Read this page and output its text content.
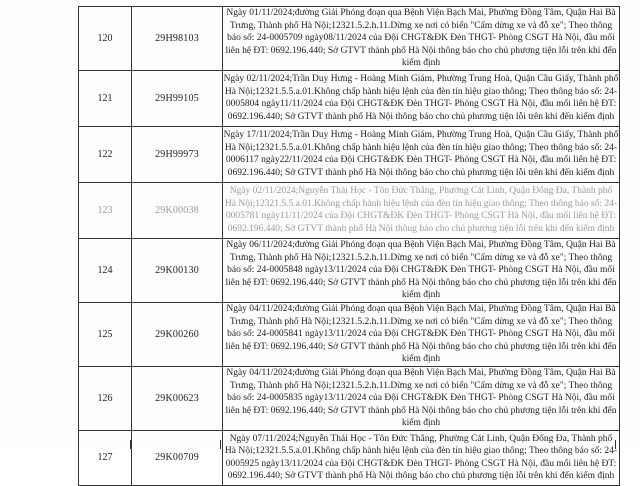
120	29H98103	Ngày 01/11/2024;đường Giải Phóng đoạn qua Bệnh Viện Bạch Mai, Phường Đồng Tâm, Quận Hai Bà Trưng, Thành phố Hà Nội;12321.5.2.h.11.Dừng xe nơi có biển "Cấm dừng xe và đỗ xe"; Theo thông báo số: 24-0005709 ngày08/11/2024 của Đội CHGT&ĐK Đèn THGT- Phòng CSGT Hà Nội, đầu mối liên hệ ĐT: 0692.196.440; Sở GTVT thành phố Hà Nội thông báo cho chủ phương tiện lỗi trên khi đến kiểm định
121	29H99105	Ngày 02/11/2024;Trần Duy Hưng - Hoàng Minh Giám, Phường Trung Hoà, Quận Cầu Giấy, Thành phố Hà Nội;12321.5.5.a.01.Không chấp hành hiệu lệnh của đèn tín hiệu giao thông; Theo thông báo số: 24-0005804 ngày11/11/2024 của Đội CHGT&ĐK Đèn THGT- Phòng CSGT Hà Nội, đầu mối liên hệ ĐT: 0692.196.440; Sở GTVT thành phố Hà Nội thông báo cho chủ phương tiện lỗi trên khi đến kiểm định
122	29H99973	Ngày 17/11/2024;Trần Duy Hưng - Hoàng Minh Giám, Phường Trung Hoà, Quận Cầu Giấy, Thành phố Hà Nội;12321.5.5.a.01.Không chấp hành hiệu lệnh của đèn tín hiệu giao thông; Theo thông báo số: 24-0006117 ngày22/11/2024 của Đội CHGT&ĐK Đèn THGT- Phòng CSGT Hà Nội, đầu mối liên hệ ĐT: 0692.196.440; Sở GTVT thành phố Hà Nội thông báo cho chủ phương tiện lỗi trên khi đến kiểm định
123	29K00038	Ngày 02/11/2024;Nguyễn Thái Học - Tôn Đức Thắng, Phường Cát Linh, Quận Đống Đa, Thành phố Hà Nội;12321.5.5.a.01.Không chấp hành hiệu lệnh của đèn tín hiệu giao thông; Theo thông báo số: 24-0005781 ngày11/11/2024 của Đội CHGT&ĐK Đèn THGT- Phòng CSGT Hà Nội, đầu mối liên hệ ĐT: 0692.196.440; Sở GTVT thành phố Hà Nội thông báo cho chủ phương tiện lỗi trên khi đến kiểm định
124	29K00130	Ngày 06/11/2024;đường Giải Phóng đoạn qua Bệnh Viện Bạch Mai, Phường Đồng Tâm, Quận Hai Bà Trưng, Thành phố Hà Nội;12321.5.2.h.11.Dừng xe nơi có biển "Cấm dừng xe và đỗ xe"; Theo thông báo số: 24-0005848 ngày13/11/2024 của Đội CHGT&ĐK Đèn THGT- Phòng CSGT Hà Nội, đầu mối liên hệ ĐT: 0692.196.440; Sở GTVT thành phố Hà Nội thông báo cho chủ phương tiện lỗi trên khi đến kiểm định
125	29K00260	Ngày 04/11/2024;đường Giải Phóng đoạn qua Bệnh Viện Bạch Mai, Phường Đồng Tâm, Quận Hai Bà Trưng, Thành phố Hà Nội;12321.5.2.h.11.Dừng xe nơi có biển "Cấm dừng xe và đỗ xe"; Theo thông báo số: 24-0005841 ngày13/11/2024 của Đội CHGT&ĐK Đèn THGT- Phòng CSGT Hà Nội, đầu mối liên hệ ĐT: 0692.196.440; Sở GTVT thành phố Hà Nội thông báo cho chủ phương tiện lỗi trên khi đến kiểm định
126	29K00623	Ngày 04/11/2024;đường Giải Phóng đoạn qua Bệnh Viện Bạch Mai, Phường Đồng Tâm, Quận Hai Bà Trưng, Thành phố Hà Nội;12321.5.2.h.11.Dừng xe nơi có biển "Cấm dừng xe và đỗ xe"; Theo thông báo số: 24-0005835 ngày13/11/2024 của Đội CHGT&ĐK Đèn THGT- Phòng CSGT Hà Nội, đầu mối liên hệ ĐT: 0692.196.440; Sở GTVT thành phố Hà Nội thông báo cho chủ phương tiện lỗi trên khi đến kiểm định
127	29K00709	Ngày 07/11/2024;Nguyễn Thái Học - Tôn Đức Thắng, Phường Cát Linh, Quận Đống Đa, Thành phố Hà Nội;12321.5.5.a.01.Không chấp hành hiệu lệnh của đèn tín hiệu giao thông; Theo thông báo số: 24-0005925 ngày13/11/2024 của Đội CHGT&ĐK Đèn THGT- Phòng CSGT Hà Nội, đầu mối liên hệ ĐT: 0692.196.440; Sở GTVT thành phố Hà Nội thông báo cho chủ phương tiện lỗi trên khi đến kiểm định
